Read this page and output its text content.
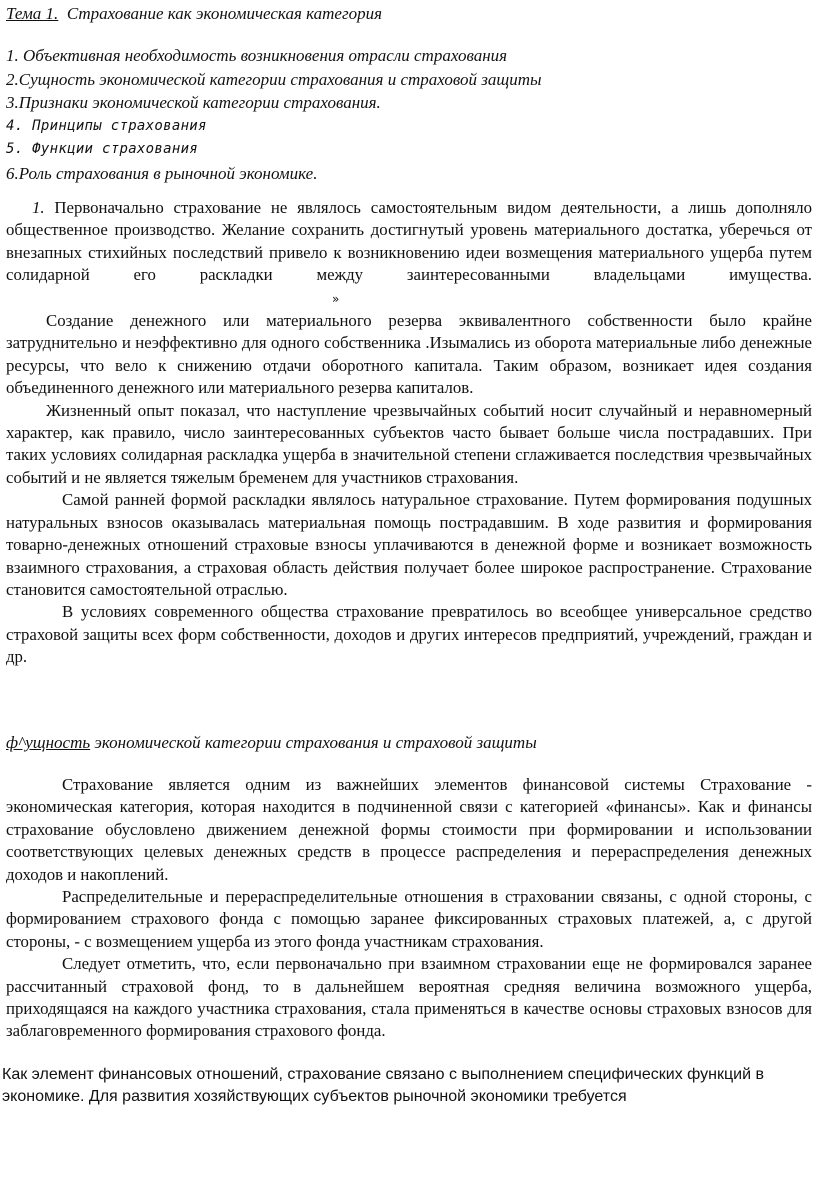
Тема 1.  Страхование как экономическая категория
1. Объективная необходимость возникновения отрасли страхования
2.Сущность экономической категории страхования и страховой защиты
3.Признаки экономической категории страхования.
4. Принципы страхования
5. Функции страхования
6.Роль страхования в рыночной экономике.

1. Первоначально страхование не являлось самостоятельным видом деятельности, а лишь дополняло общественное производство. Желание сохранить достигнутый уровень материального достатка, уберечься от внезапных стихийных последствий привело к возникновению идеи возмещения материального ущерба путем солидарной его раскладки между заинтересованными владельцами имущества.»

Создание денежного или материального резерва эквивалентного собственности было крайне затруднительно и неэффективно для одного собственника .Изымались из оборота материальные либо денежные ресурсы, что вело к снижению отдачи оборотного капитала. Таким образом, возникает идея создания объединенного денежного или материального резерва капиталов.

Жизненный опыт показал, что наступление чрезвычайных событий носит случайный и неравномерный характер, как правило, число заинтересованных субъектов часто бывает больше числа пострадавших. При таких условиях солидарная раскладка ущерба в значительной степени сглаживается последствия чрезвычайных событий и не является тяжелым бременем для участников страхования.

Самой ранней формой раскладки являлось натуральное страхование. Путем формирования подушных натуральных взносов оказывалась материальная помощь пострадавшим. В ходе развития и формирования товарно-денежных отношений страховые взносы уплачиваются в денежной форме и возникает возможность взаимного страхования, а страховая область действия получает более широкое распространение. Страхование становится самостоятельной отраслью.

В условиях современного общества страхование превратилось во всеобщее универсальное средство страховой защиты всех форм собственности, доходов и других интересов предприятий, учреждений, граждан и др.

ф^ущность экономической категории страхования и страховой защиты

Страхование является одним из важнейших элементов финансовой системы Страхование - экономическая категория, которая находится в подчиненной связи с категорией «финансы». Как и финансы страхование обусловлено движением денежной формы стоимости при формировании и использовании соответствующих целевых денежных средств в процессе распределения и перераспределения денежных доходов и накоплений.

Распределительные и перераспределительные отношения в страховании связаны, с одной стороны, с формированием страхового фонда с помощью заранее фиксированных страховых платежей, а, с другой стороны, - с возмещением ущерба из этого фонда участникам страхования.

Следует отметить, что, если первоначально при взаимном страховании еще не формировался заранее рассчитанный страховой фонд, то в дальнейшем вероятная средняя величина возможного ущерба, приходящаяся на каждого участника страхования, стала применяться в качестве основы страховых взносов для заблаговременного формирования страхового фонда.

Как элемент финансовых отношений, страхование связано с выполнением специфических функций в экономике. Для развития хозяйствующих субъектов рыночной экономики требуется
